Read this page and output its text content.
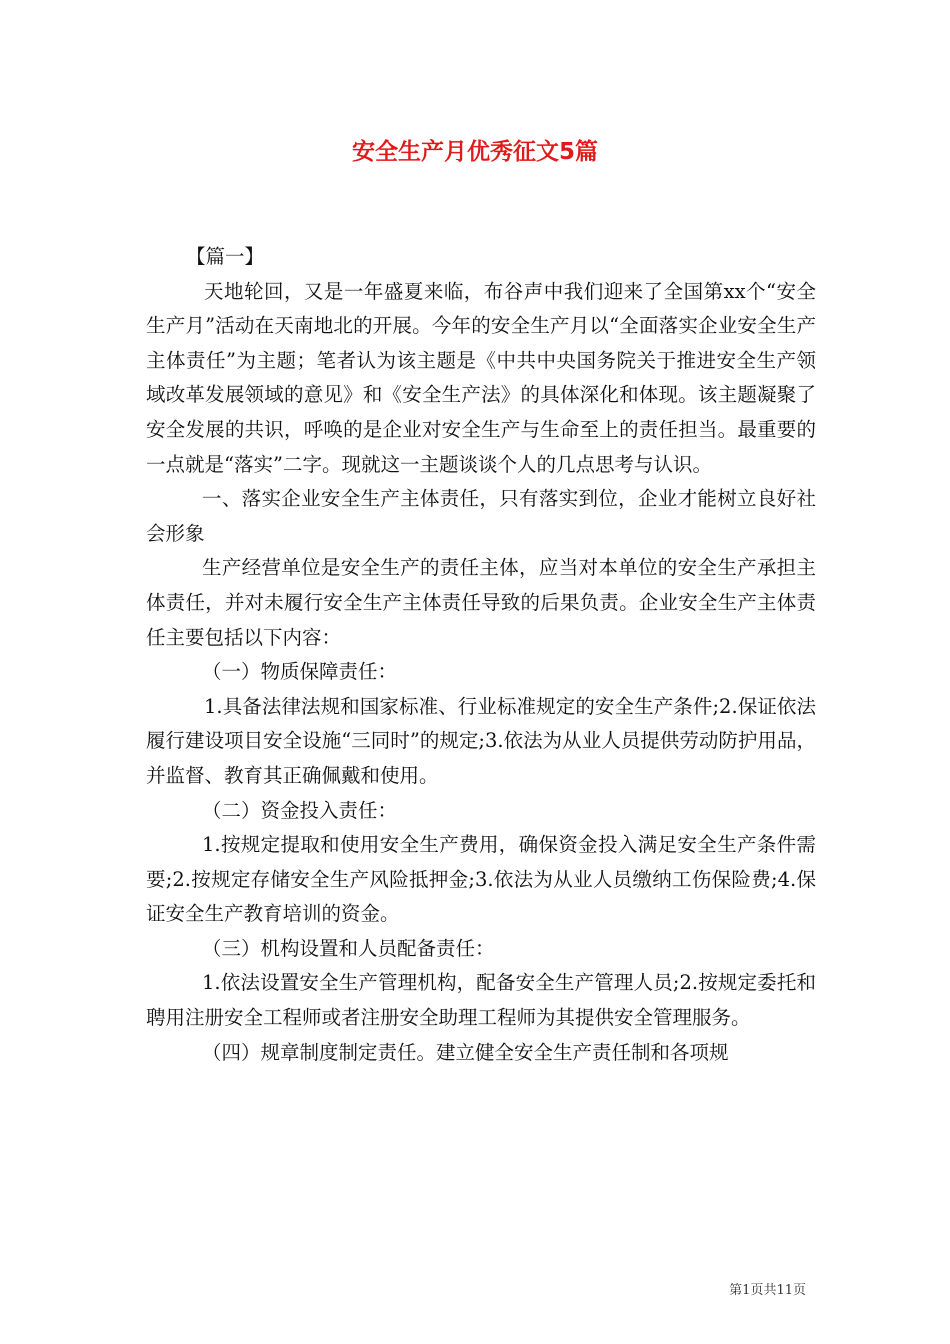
安全生产月优秀征文5篇

【篇一】

天地轮回，又是一年盛夏来临，布谷声中我们迎来了全国第xx个“安全生产月”活动在天南地北的开展。今年的安全生产月以“全面落实企业安全生产主体责任”为主题；笔者认为该主题是《中共中央国务院关于推进安全生产领域改革发展领域的意见》和《安全生产法》的具体深化和体现。该主题凝聚了安全发展的共识，呼唤的是企业对安全生产与生命至上的责任担当。最重要的一点就是“落实”二字。现就这一主题谈谈个人的几点思考与认识。

一、落实企业安全生产主体责任，只有落实到位，企业才能树立良好社会形象

生产经营单位是安全生产的责任主体，应当对本单位的安全生产承担主体责任，并对未履行安全生产主体责任导致的后果负责。企业安全生产主体责任主要包括以下内容：

（一）物质保障责任：

1.具备法律法规和国家标准、行业标准规定的安全生产条件;2.保证依法履行建设项目安全设施“三同时”的规定;3.依法为从业人员提供劳动防护用品，并监督、教育其正确佩戴和使用。

（二）资金投入责任：

1.按规定提取和使用安全生产费用，确保资金投入满足安全生产条件需要;2.按规定存储安全生产风险抵押金;3.依法为从业人员缴纳工伤保险费;4.保证安全生产教育培训的资金。

（三）机构设置和人员配备责任：

1.依法设置安全生产管理机构，配备安全生产管理人员;2.按规定委托和聘用注册安全工程师或者注册安全助理工程师为其提供安全管理服务。

（四）规章制度制定责任。建立健全安全生产责任制和各项规

第1页共11页
